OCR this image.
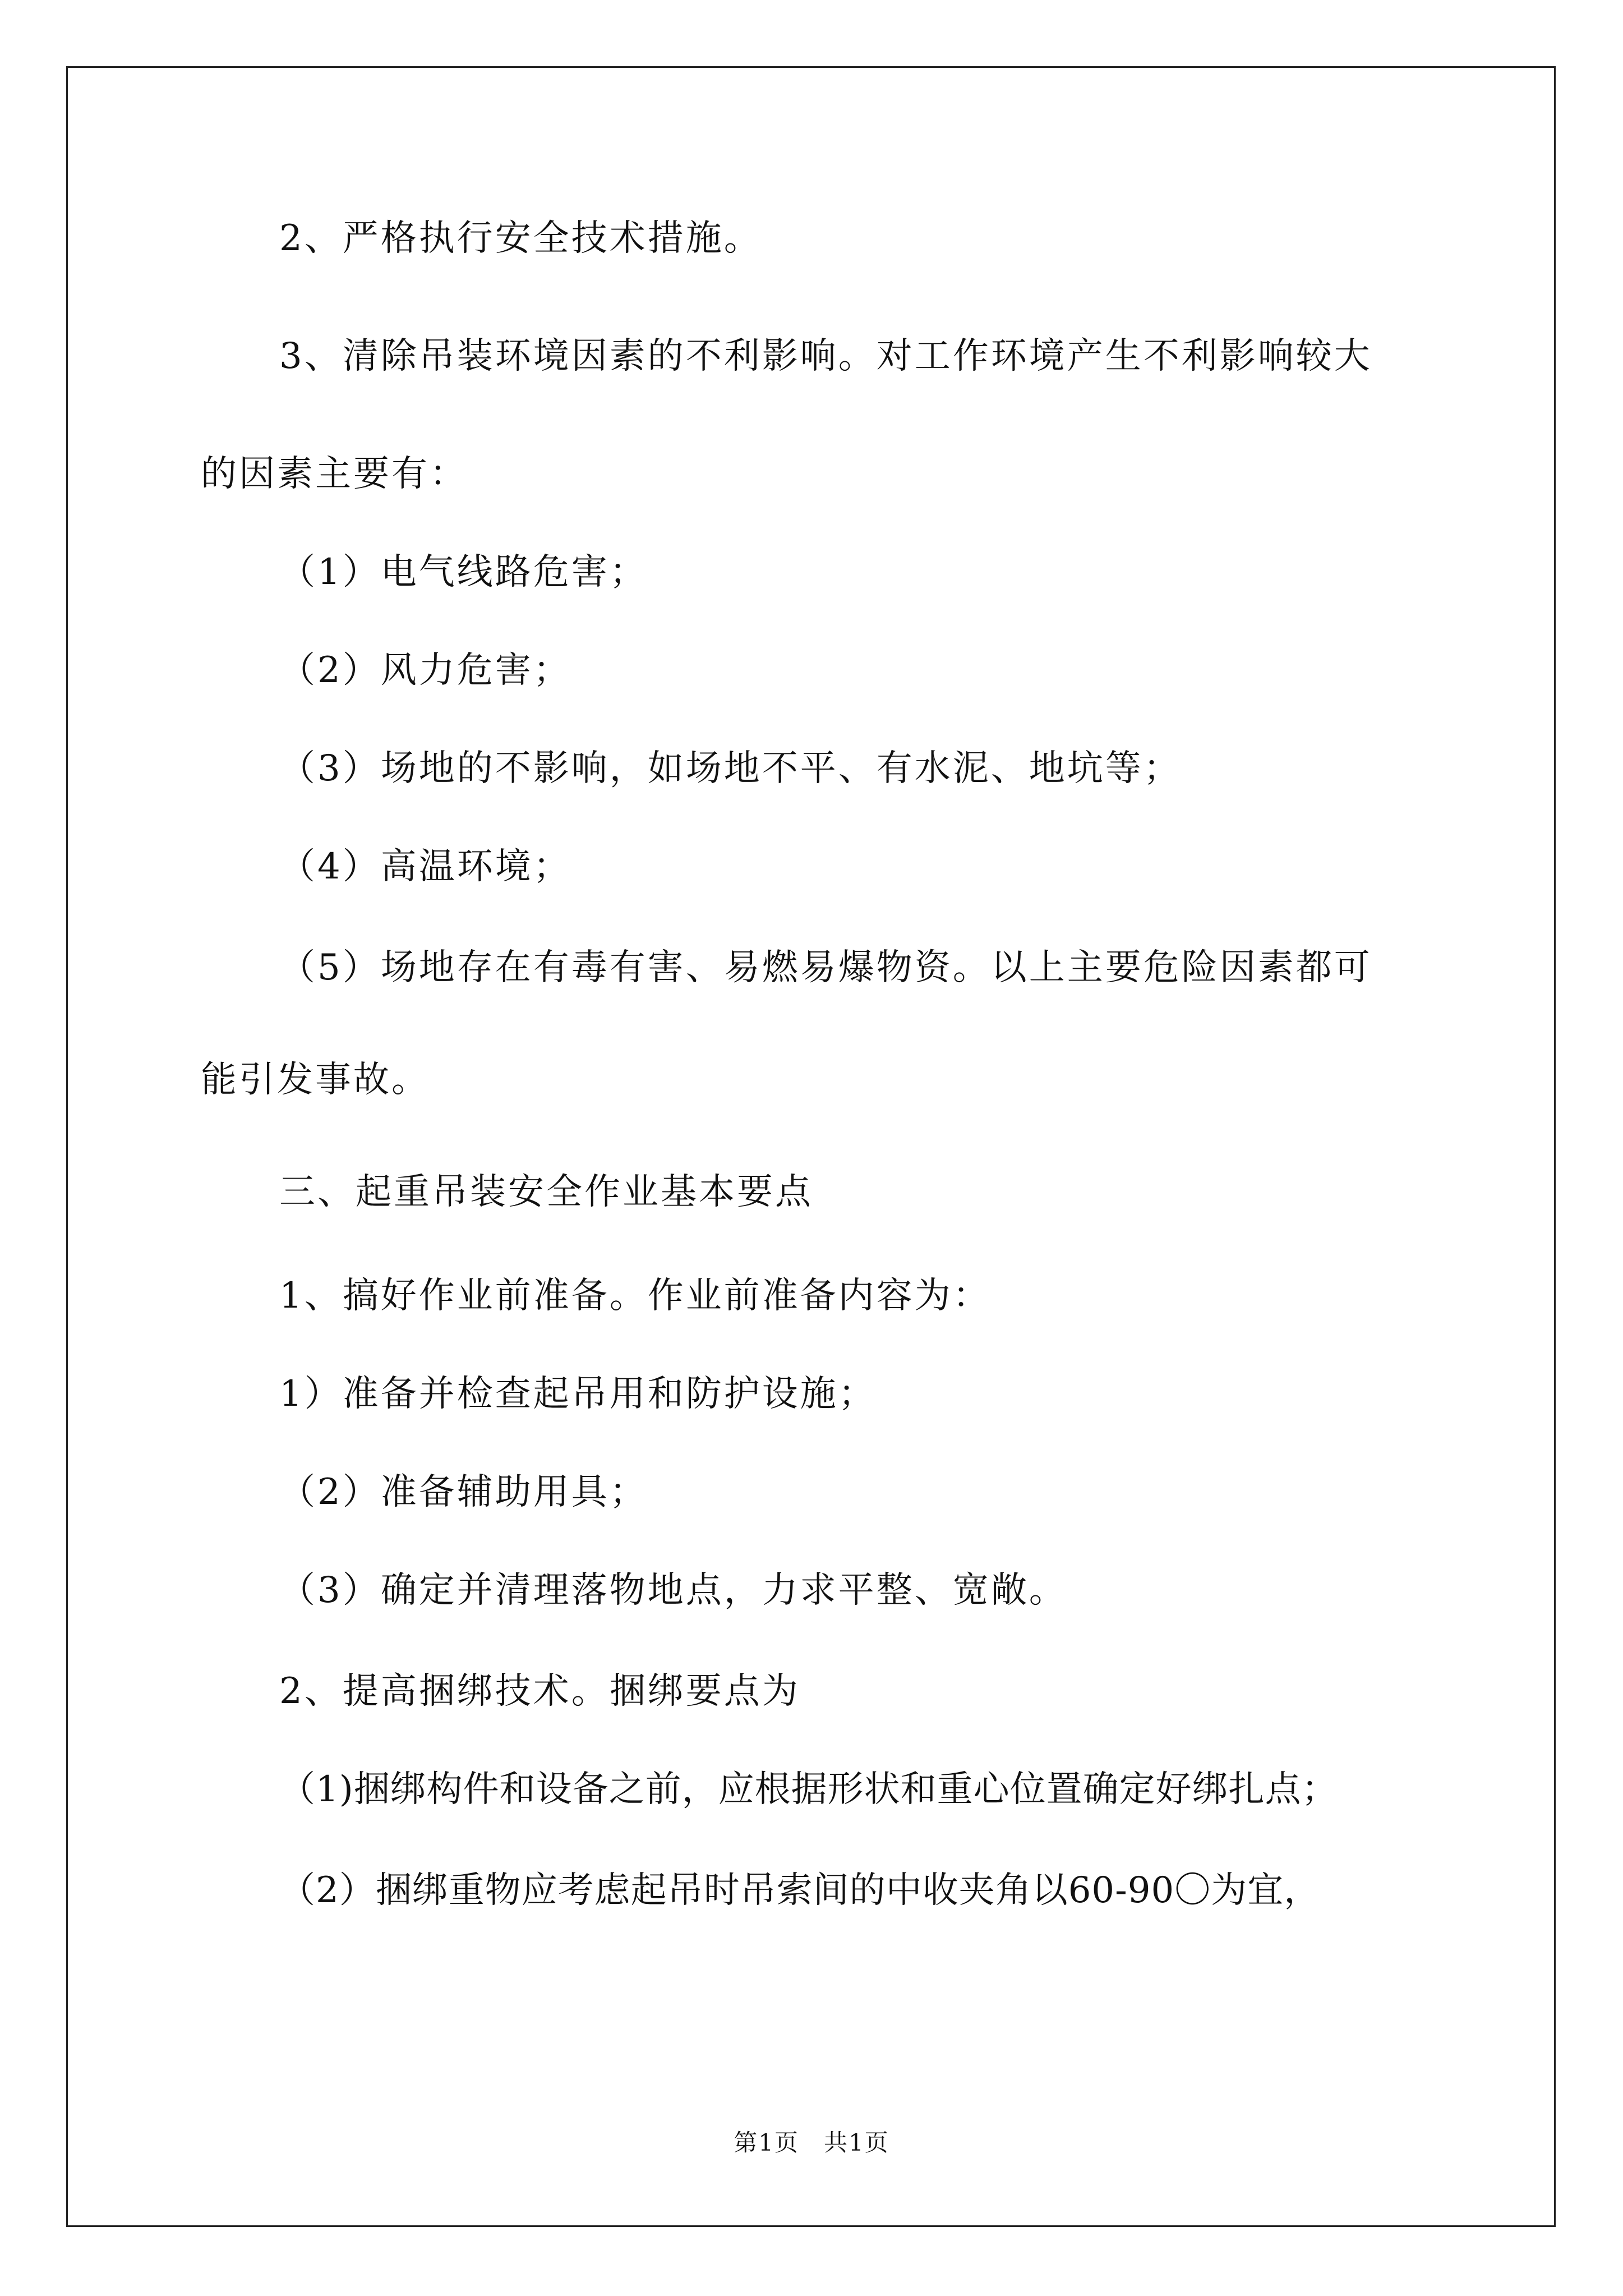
2、严格执行安全技术措施。
3、清除吊装环境因素的不利影响。对工作环境产生不利影响较大
的因素主要有：
（1）电气线路危害；
（2）风力危害；
（3）场地的不影响，如场地不平、有水泥、地坑等；
（4）高温环境；
（5）场地存在有毒有害、易燃易爆物资。以上主要危险因素都可
能引发事故。
三、起重吊装安全作业基本要点
1、搞好作业前准备。作业前准备内容为：
1）准备并检查起吊用和防护设施；
（2）准备辅助用具；
（3）确定并清理落物地点，力求平整、宽敞。
2、提高捆绑技术。捆绑要点为
（1)捆绑构件和设备之前，应根据形状和重心位置确定好绑扎点；
（2）捆绑重物应考虑起吊时吊索间的中收夹角以60-90〇为宜，
第1页　共1页
